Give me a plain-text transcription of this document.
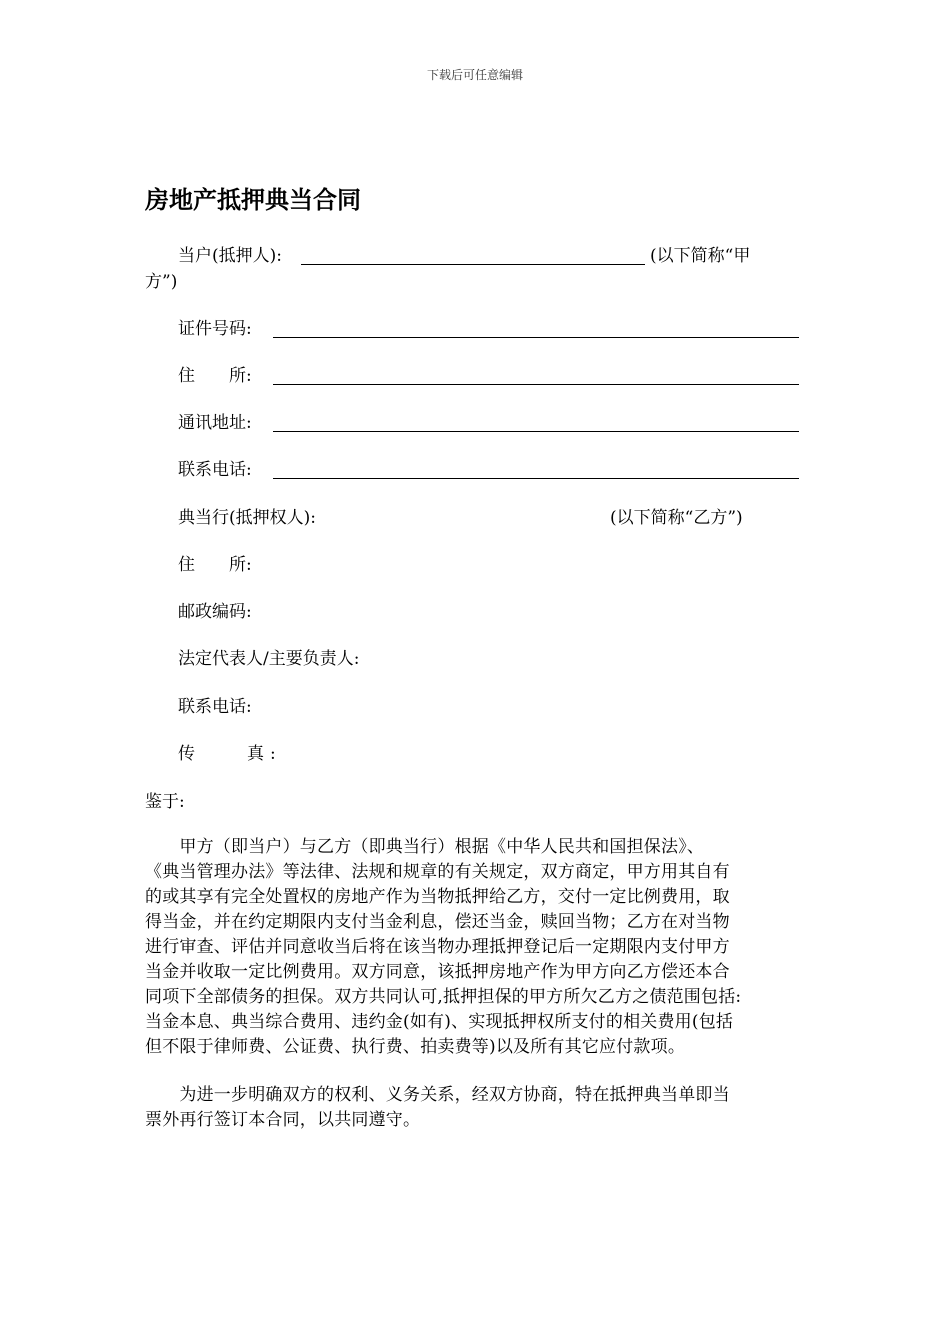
下载后可任意编辑
房地产抵押典当合同
当户(抵押人):	(以下简称“甲
方”)
证件号码:
住　　所:
通讯地址:
联系电话:
典当行(抵押权人):	(以下简称“乙方”)
住　　所:
邮政编码:
法定代表人/主要负责人:
联系电话:
传　　真:
鉴于:
　　甲方（即当户）与乙方（即典当行）根据《中华人民共和国担保法》、
《典当管理办法》等法律、法规和规章的有关规定，双方商定，甲方用其自有
的或其享有完全处置权的房地产作为当物抵押给乙方，交付一定比例费用，取
得当金，并在约定期限内支付当金利息，偿还当金，赎回当物；乙方在对当物
进行审查、评估并同意收当后将在该当物办理抵押登记后一定期限内支付甲方
当金并收取一定比例费用。双方同意，该抵押房地产作为甲方向乙方偿还本合
同项下全部债务的担保。双方共同认可,抵押担保的甲方所欠乙方之债范围包括:
当金本息、典当综合费用、违约金(如有)、实现抵押权所支付的相关费用(包括
但不限于律师费、公证费、执行费、拍卖费等)以及所有其它应付款项。
　　为进一步明确双方的权利、义务关系，经双方协商，特在抵押典当单即当
票外再行签订本合同，以共同遵守。
